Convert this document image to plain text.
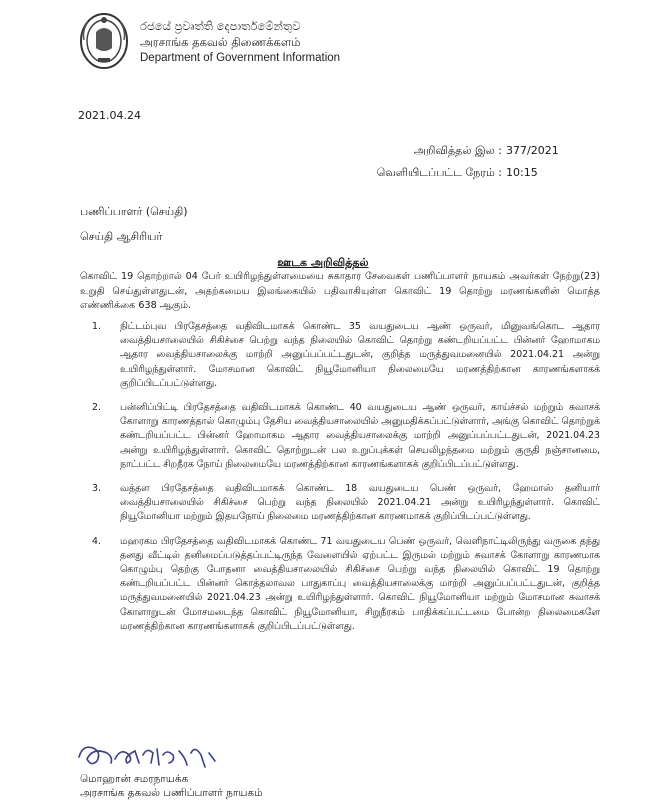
රජයේ ප්‍රවෘත්ති දෙපාර්තමේන්තුව
அரசாங்க தகவல் திணைக்களம்
Department of Government Information
2021.04.24
அறிவித்தல் இல : 377/2021
வெளியிடப்பட்ட நேரம் : 10:15
பணிப்பாளர் (செய்தி)
செய்தி ஆசிரியர்
ஊடக அறிவித்தல்
கொவிட் 19 தொற்றால் 04 பேர் உயிரிழந்துள்ளமையை சுகாதார சேவைகள் பணிப்பாளர் நாயகம் அவர்கள் நேற்று(23) உறுதி செய்துள்ளதுடன், அதற்கமைய இலங்கையில் பதிவாகியுள்ள கொவிட் 19 தொற்று மரணங்களின் மொத்த எண்ணிக்கை 638 ஆகும்.
1. நிட்டம்புவ பிரதேசத்தை வதிவிடமாகக் கொண்ட 35 வயதுடைய ஆண் ஒருவர், மினுவங்கொட ஆதார வைத்தியசாலையில் சிகிச்சை பெற்று வந்த நிலையில் கொவிட் தொற்று கண்டறியப்பட்ட பின்னர் ஹோமாகம ஆதார வைத்தியசாலைக்கு மாற்றி அனுப்பப்பட்டதுடன், குறித்த மருத்துவமனையில் 2021.04.21 அன்று உயிரிழந்துள்ளார். மோசமான கொவிட் நியூமோனியா நிலைமையே மரணத்திற்கான காரணங்களாகக் குறிப்பிடப்பட்டுள்ளது.
2. பன்னிப்பிட்டி பிரதேசத்தை வதிவிடமாகக் கொண்ட 40 வயதுடைய ஆண் ஒருவர், காய்ச்சல் மற்றும் சுவாசக் கோளாறு காரணத்தால் கொழும்பு தேசிய வைத்தியசாலையில் அனுமதிக்கப்பட்டுள்ளார், அங்கு கொவிட் தொற்றுக் கண்டறியப்பட்ட பின்னர் ஹோமாகம ஆதார வைத்தியசாலைக்கு மாற்றி அனுப்பப்பட்டதுடன், 2021.04.23 அன்று உயிரிழந்துள்ளார். கொவிட் தொற்றுடன் பல உறுப்புக்கள் செயலிழந்தமை மற்றும் குருதி நஞ்சானமை, நாட்பட்ட சிறநீரக நோய் நிலைமையே மரணத்திற்கான காரணங்களாகக் குறிப்பிடப்பட்டுள்ளது.
3. வத்தள பிரதேசத்தை வதிவிடமாகக் கொண்ட 18 வயதுடைய பெண் ஒருவர், ஹேமாஸ் தனியார் வைத்தியசாலையில் சிகிச்சை பெற்று வந்த நிலையில் 2021.04.21 அன்று உயிரிழந்துள்ளார். கொவிட் நியூமோனியா மற்றும் இதயநோய் நிலைமை மரணத்திற்கான காரணமாகக் குறிப்பிடப்பட்டுள்ளது.
4. மஹரகம பிரதேசத்தை வதிவிடமாகக் கொண்ட 71 வயதுடைய பெண் ஒருவர், வெளிநாட்டிலிருந்து வருகை தந்து தனது வீட்டில் தனிமைப்படுத்தப்பட்டிருந்த வேளையில் ஏற்பட்ட இருமல் மற்றும் சுவாசக் கோளாறு காரணமாக கொழும்பு தெற்கு போதனா வைத்தியசாலையில் சிகிச்சை பெற்று வந்த நிலையில் கொவிட் 19 தொற்று கண்டறியப்பட்ட பின்னர் கொத்தலாவல பாதுகாப்பு வைத்தியசாலைக்கு மாற்றி அனுப்பப்பட்டதுடன், குறித்த மருத்துவமனையில் 2021.04.23 அன்று உயிரிழந்துள்ளார். கொவிட் நியூமோனியா மற்றும் மோசமான சுவாசக் கோளாறுடன் மோசமடைந்த கொவிட் நியூமோனியா, சிறுநீரகம் பாதிக்கப்பட்டமை போன்ற நிலைமைகளே மரணத்திற்கான காரணங்களாகக் குறிப்பிடப்பட்டுள்ளது.
மொஹான் சமரநாயக்க
அரசாங்க தகவல் பணிப்பாளர் நாயகம்
